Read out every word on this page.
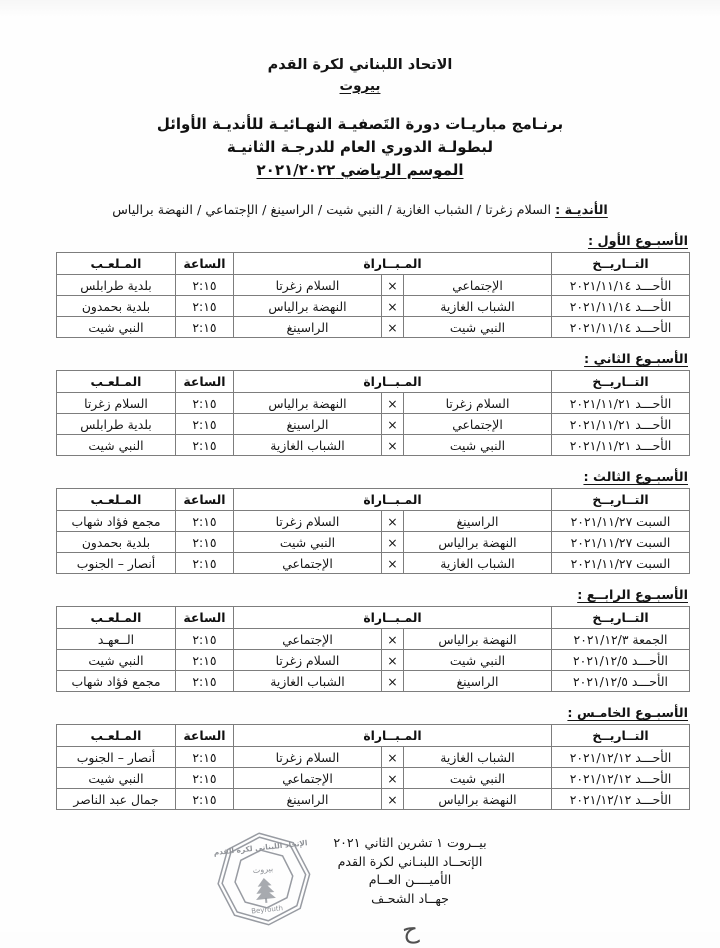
الاتحاد اللبناني لكرة القدم
بيروت
برنـامج مباريـات دورة التَصفيـة النهـائيـة للأنديـة الأوائل
لبطولـة الدوري العام للدرجـة الثانيـة
الموسم الرياضي ٢٠٢١/٢٠٢٢
الأنديـة : السلام زغرتا / الشباب الغازية / النبي شيت / الراسينغ / الإجتماعي / النهضة برالياس
الأسبـوع الأول :
التــاريــخ	المـبــاراة			الساعة	المـلعـب
الأحـــد ٢٠٢١/١١/١٤	الإجتماعي	×	السلام زغرتا	٢:١٥	بلدية طرابلس
الأحـــد ٢٠٢١/١١/١٤	الشباب الغازية	×	النهضة برالياس	٢:١٥	بلدية بحمدون
الأحـــد ٢٠٢١/١١/١٤	النبي شيت	×	الراسينغ	٢:١٥	النبي شيت
الأسبـوع الثاني :
التــاريــخ	المـبــاراة			الساعة	المـلعـب
الأحـــد ٢٠٢١/١١/٢١	السلام زغرتا	×	النهضة برالياس	٢:١٥	السلام زغرتا
الأحـــد ٢٠٢١/١١/٢١	الإجتماعي	×	الراسينغ	٢:١٥	بلدية طرابلس
الأحـــد ٢٠٢١/١١/٢١	النبي شيت	×	الشباب الغازية	٢:١٥	النبي شيت
الأسبـوع الثالث :
التــاريــخ	المـبــاراة			الساعة	المـلعـب
السبت ٢٠٢١/١١/٢٧	الراسينغ	×	السلام زغرتا	٢:١٥	مجمع فؤاد شهاب
السبت ٢٠٢١/١١/٢٧	النهضة برالياس	×	النبي شيت	٢:١٥	بلدية بحمدون
السبت ٢٠٢١/١١/٢٧	الشباب الغازية	×	الإجتماعي	٢:١٥	أنصار – الجنوب
الأسبـوع الرابــع :
التــاريــخ	المـبــاراة			الساعة	المـلعـب
الجمعة ٢٠٢١/١٢/٣	النهضة برالياس	×	الإجتماعي	٢:١٥	الــعهـد
الأحـــد ٢٠٢١/١٢/٥	النبي شيت	×	السلام زغرتا	٢:١٥	النبي شيت
الأحـــد ٢٠٢١/١٢/٥	الراسينغ	×	الشباب الغازية	٢:١٥	مجمع فؤاد شهاب
الأسبـوع الخامـس :
التــاريــخ	المـبــاراة			الساعة	المـلعـب
الأحـــد ٢٠٢١/١٢/١٢	الشباب الغازية	×	السلام زغرتا	٢:١٥	أنصار – الجنوب
الأحـــد ٢٠٢١/١٢/١٢	النبي شيت	×	الإجتماعي	٢:١٥	النبي شيت
الأحـــد ٢٠٢١/١٢/١٢	النهضة برالياس	×	الراسينغ	٢:١٥	جمال عبد الناصر
الإتحاد اللبناني لكرة القدم
بيروت
Beyrouth
بيــروت ١ تشرين الثاني ٢٠٢١
الإتحــاد اللبنـاني لكرة القدم
الأميــــن العــام
جهــاد الشحـف
ح
